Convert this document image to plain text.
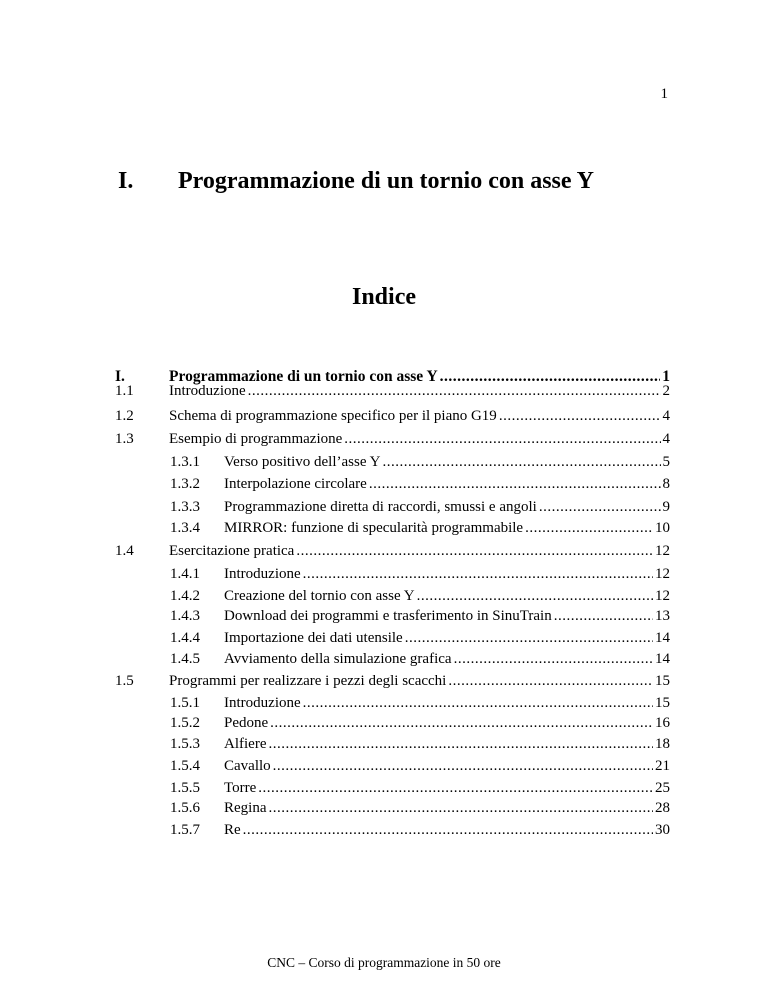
1
I. Programmazione di un tornio con asse Y
Indice
I.	Programmazione di un tornio con asse Y .....	1
1.1 Introduzione .....	2
1.2 Schema di programmazione specifico per il piano G19 .....	4
1.3 Esempio di programmazione .....	4
1.3.1 Verso positivo dell’asse Y .....	5
1.3.2 Interpolazione circolare .....	8
1.3.3 Programmazione diretta di raccordi, smussi e angoli .....	9
1.3.4 MIRROR: funzione di specularità programmabile .....	10
1.4 Esercitazione pratica .....	12
1.4.1 Introduzione .....	12
1.4.2 Creazione del tornio con asse Y .....	12
1.4.3 Download dei programmi e trasferimento in SinuTrain .....	13
1.4.4 Importazione dei dati utensile .....	14
1.4.5 Avviamento della simulazione grafica .....	14
1.5 Programmi per realizzare i pezzi degli scacchi .....	15
1.5.1 Introduzione .....	15
1.5.2 Pedone .....	16
1.5.3 Alfiere .....	18
1.5.4 Cavallo .....	21
1.5.5 Torre .....	25
1.5.6 Regina .....	28
1.5.7 Re .....	30
CNC – Corso di programmazione in 50 ore
